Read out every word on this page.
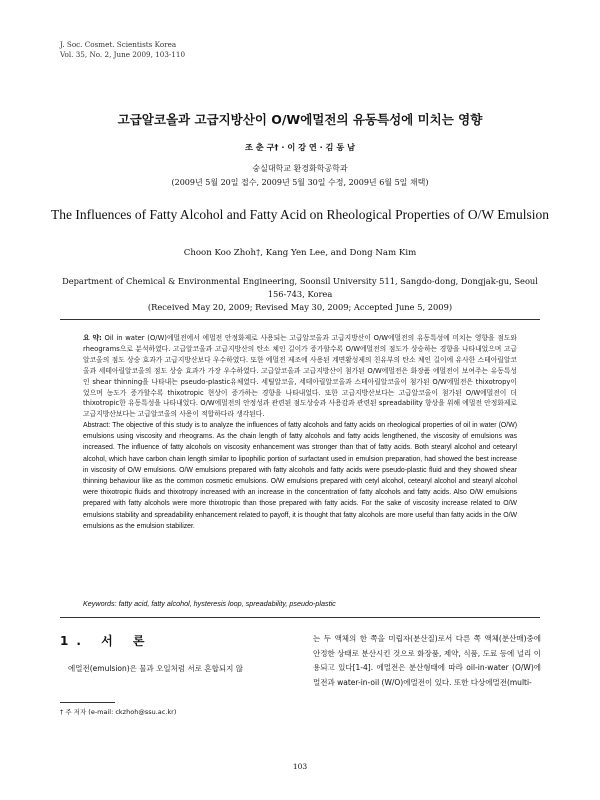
J. Soc. Cosmet. Scientists Korea
Vol. 35, No. 2, June 2009, 103-110
고급알코올과 고급지방산이 O/W에멀전의 유동특성에 미치는 영향
조 춘 구† · 이 강 연 · 김 동 남
숭실대학교 환경화학공학과
(2009년 5월 20일 접수, 2009년 5월 30일 수정, 2009년 6월 5일 채택)
The Influences of Fatty Alcohol and Fatty Acid on Rheological Properties of O/W Emulsion
Choon Koo Zhoh†, Kang Yen Lee, and Dong Nam Kim
Department of Chemical & Environmental Engineering, Soonsil University 511, Sangdo-dong, Dongjak-gu, Seoul 156-743, Korea
(Received May 20, 2009; Revised May 30, 2009; Accepted June 5, 2009)
요 약: Oil in water (O/W)에멀전에서 에멀전 안정화제로 사용되는 고급알코올과 고급지방산이 O/W에멀전의 유동특성에 미치는 영향을 점도와 rheograms으로 분석하였다. 고급알코올과 고급지방산의 탄소 체인 길이가 증가할수록 O/W에멀전의 점도가 상승하는 경향을 나타내었으며 고급알코올의 점도 상승 효과가 고급지방산보다 우수하였다. 또한 에멀전 제조에 사용된 계면활성제의 친유부의 탄소 체인 길이에 유사한 스테아릴알코올과 세테아릴알코올의 점도 상승 효과가 가장 우수하였다. 고급알코올과 고급지방산이 첨가된 O/W에멀전은 화장품 에멀전이 보여주는 유동특성인 shear thinning을 나타내는 pseudo-plastic유체였다. 세틸알코올, 세테아릴알코올과 스테아릴알코올이 첨가된 O/W에멀전은 thixotropy이었으며 농도가 증가할수록 thixotropic 현상이 증가하는 경향을 나타내었다. 또한 고급지방산보다는 고급알코올이 첨가된 O/W에멀전이 더 thixotropic한 유동특성을 나타내었다. O/W에멀전의 안정성과 관련된 점도상승과 사용감과 관련된 spreadability 향상을 위해 에멀전 안정화제로 고급지방산보다는 고급알코올의 사용이 적합하다라 생각된다.
Abstract: The objective of this study is to analyze the influences of fatty alcohols and fatty acids on rheological properties of oil in water (O/W) emulsions using viscosity and rheograms. As the chain length of fatty alcohols and fatty acids lengthened, the viscosity of emulsions was increased. The influence of fatty alcohols on viscosity enhancement was stronger than that of fatty acids. Both stearyl alcohol and cetearyl alcohol, which have carbon chain length similar to lipophilic portion of surfactant used in emulsion preparation, had showed the best increase in viscosity of O/W emulsions. O/W emulsions prepared with fatty alcohols and fatty acids were pseudo-plastic fluid and they showed shear thinning behaviour like as the common cosmetic emulsions. O/W emulsions prepared with cetyl alcohol, cetearyl alcohol and stearyl alcohol were thixotropic fluids and thixotropy increased with an increase in the concentration of fatty alcohols and fatty acids. Also O/W emulsions prepared with fatty alcohols were more thixotropic than those prepared with fatty acids. For the sake of viscosity increase related to O/W emulsions stability and spreadability enhancement related to payoff, it is thought that fatty alcohols are more useful than fatty acids in the O/W emulsions as the emulsion stabilizer.
Keywords: fatty acid, fatty alcohol, hysteresis loop, spreadability, pseudo-plastic
1. 서 론
에멀전(emulsion)은 물과 오일처럼 서로 혼합되지 않
† 주 저자 (e-mail: ckzhoh@ssu.ac.kr)
는 두 액체의 한 쪽을 미립자(분산질)로서 다른 쪽 액체(분산매)중에 안정한 상태로 분산시킨 것으로 화장품, 제약, 식품, 도료 등에 널리 이용되고 있다[1-4]. 에멀전은 분산형태에 따라 oil-in-water (O/W)에멀전과 water-in-oil (W/O)에멀전이 있다. 또한 다상에멀전(multi-
103
